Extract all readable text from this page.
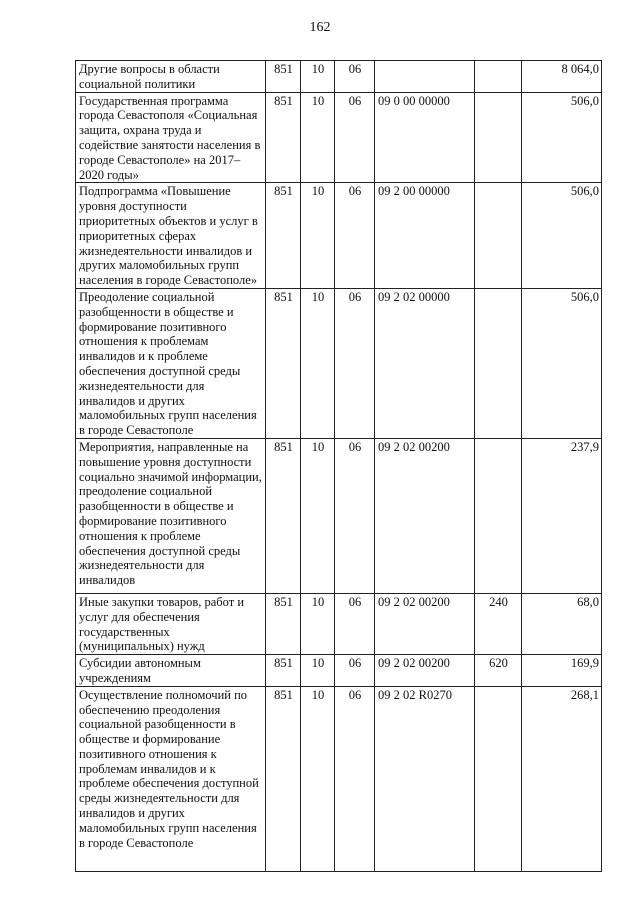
162
Другие вопросы в области социальной политики	851	10	06			8 064,0
Государственная программа города Севастополя «Социальная защита, охрана труда и содействие занятости населения в городе Севастополе» на 2017–2020 годы»	851	10	06	09 0 00 00000		506,0
Подпрограмма «Повышение уровня доступности приоритетных объектов и услуг в приоритетных сферах жизнедеятельности инвалидов и других маломобильных групп населения в городе Севастополе»	851	10	06	09 2 00 00000		506,0
Преодоление социальной разобщенности в обществе и формирование позитивного отношения к проблемам инвалидов и к проблеме обеспечения доступной среды жизнедеятельности для инвалидов и других маломобильных групп населения в городе Севастополе	851	10	06	09 2 02 00000		506,0
Мероприятия, направленные на повышение уровня доступности социально значимой информации, преодоление социальной разобщенности в обществе и формирование позитивного отношения к проблеме обеспечения доступной среды жизнедеятельности для инвалидов	851	10	06	09 2 02 00200		237,9
Иные закупки товаров, работ и услуг для обеспечения государственных (муниципальных) нужд	851	10	06	09 2 02 00200	240	68,0
Субсидии автономным учреждениям	851	10	06	09 2 02 00200	620	169,9
Осуществление полномочий по обеспечению преодоления социальной разобщенности в обществе и формирование позитивного отношения к проблемам инвалидов и к проблеме обеспечения доступной среды жизнедеятельности для инвалидов и других маломобильных групп населения в городе Севастополе	851	10	06	09 2 02 R0270		268,1
